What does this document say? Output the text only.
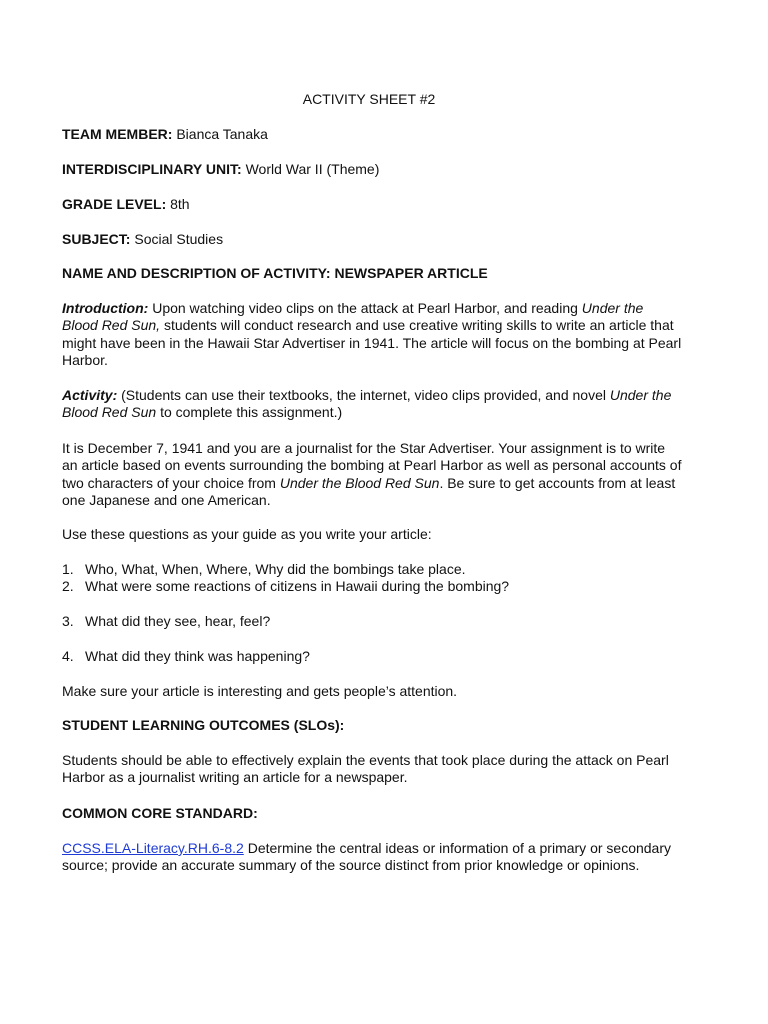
ACTIVITY SHEET #2

TEAM MEMBER: Bianca Tanaka

INTERDISCIPLINARY UNIT: World War II (Theme)

GRADE LEVEL: 8th

SUBJECT: Social Studies

NAME AND DESCRIPTION OF ACTIVITY: NEWSPAPER ARTICLE

Introduction: Upon watching video clips on the attack at Pearl Harbor, and reading Under the Blood Red Sun, students will conduct research and use creative writing skills to write an article that might have been in the Hawaii Star Advertiser in 1941. The article will focus on the bombing at Pearl Harbor.

Activity: (Students can use their textbooks, the internet, video clips provided, and novel Under the Blood Red Sun to complete this assignment.)

It is December 7, 1941 and you are a journalist for the Star Advertiser. Your assignment is to write an article based on events surrounding the bombing at Pearl Harbor as well as personal accounts of two characters of your choice from Under the Blood Red Sun. Be sure to get accounts from at least one Japanese and one American.

Use these questions as your guide as you write your article:

1. Who, What, When, Where, Why did the bombings take place.
2. What were some reactions of citizens in Hawaii during the bombing?
3. What did they see, hear, feel?
4. What did they think was happening?

Make sure your article is interesting and gets people’s attention.

STUDENT LEARNING OUTCOMES (SLOs):

Students should be able to effectively explain the events that took place during the attack on Pearl Harbor as a journalist writing an article for a newspaper.

COMMON CORE STANDARD:

CCSS.ELA-Literacy.RH.6-8.2 Determine the central ideas or information of a primary or secondary source; provide an accurate summary of the source distinct from prior knowledge or opinions.
